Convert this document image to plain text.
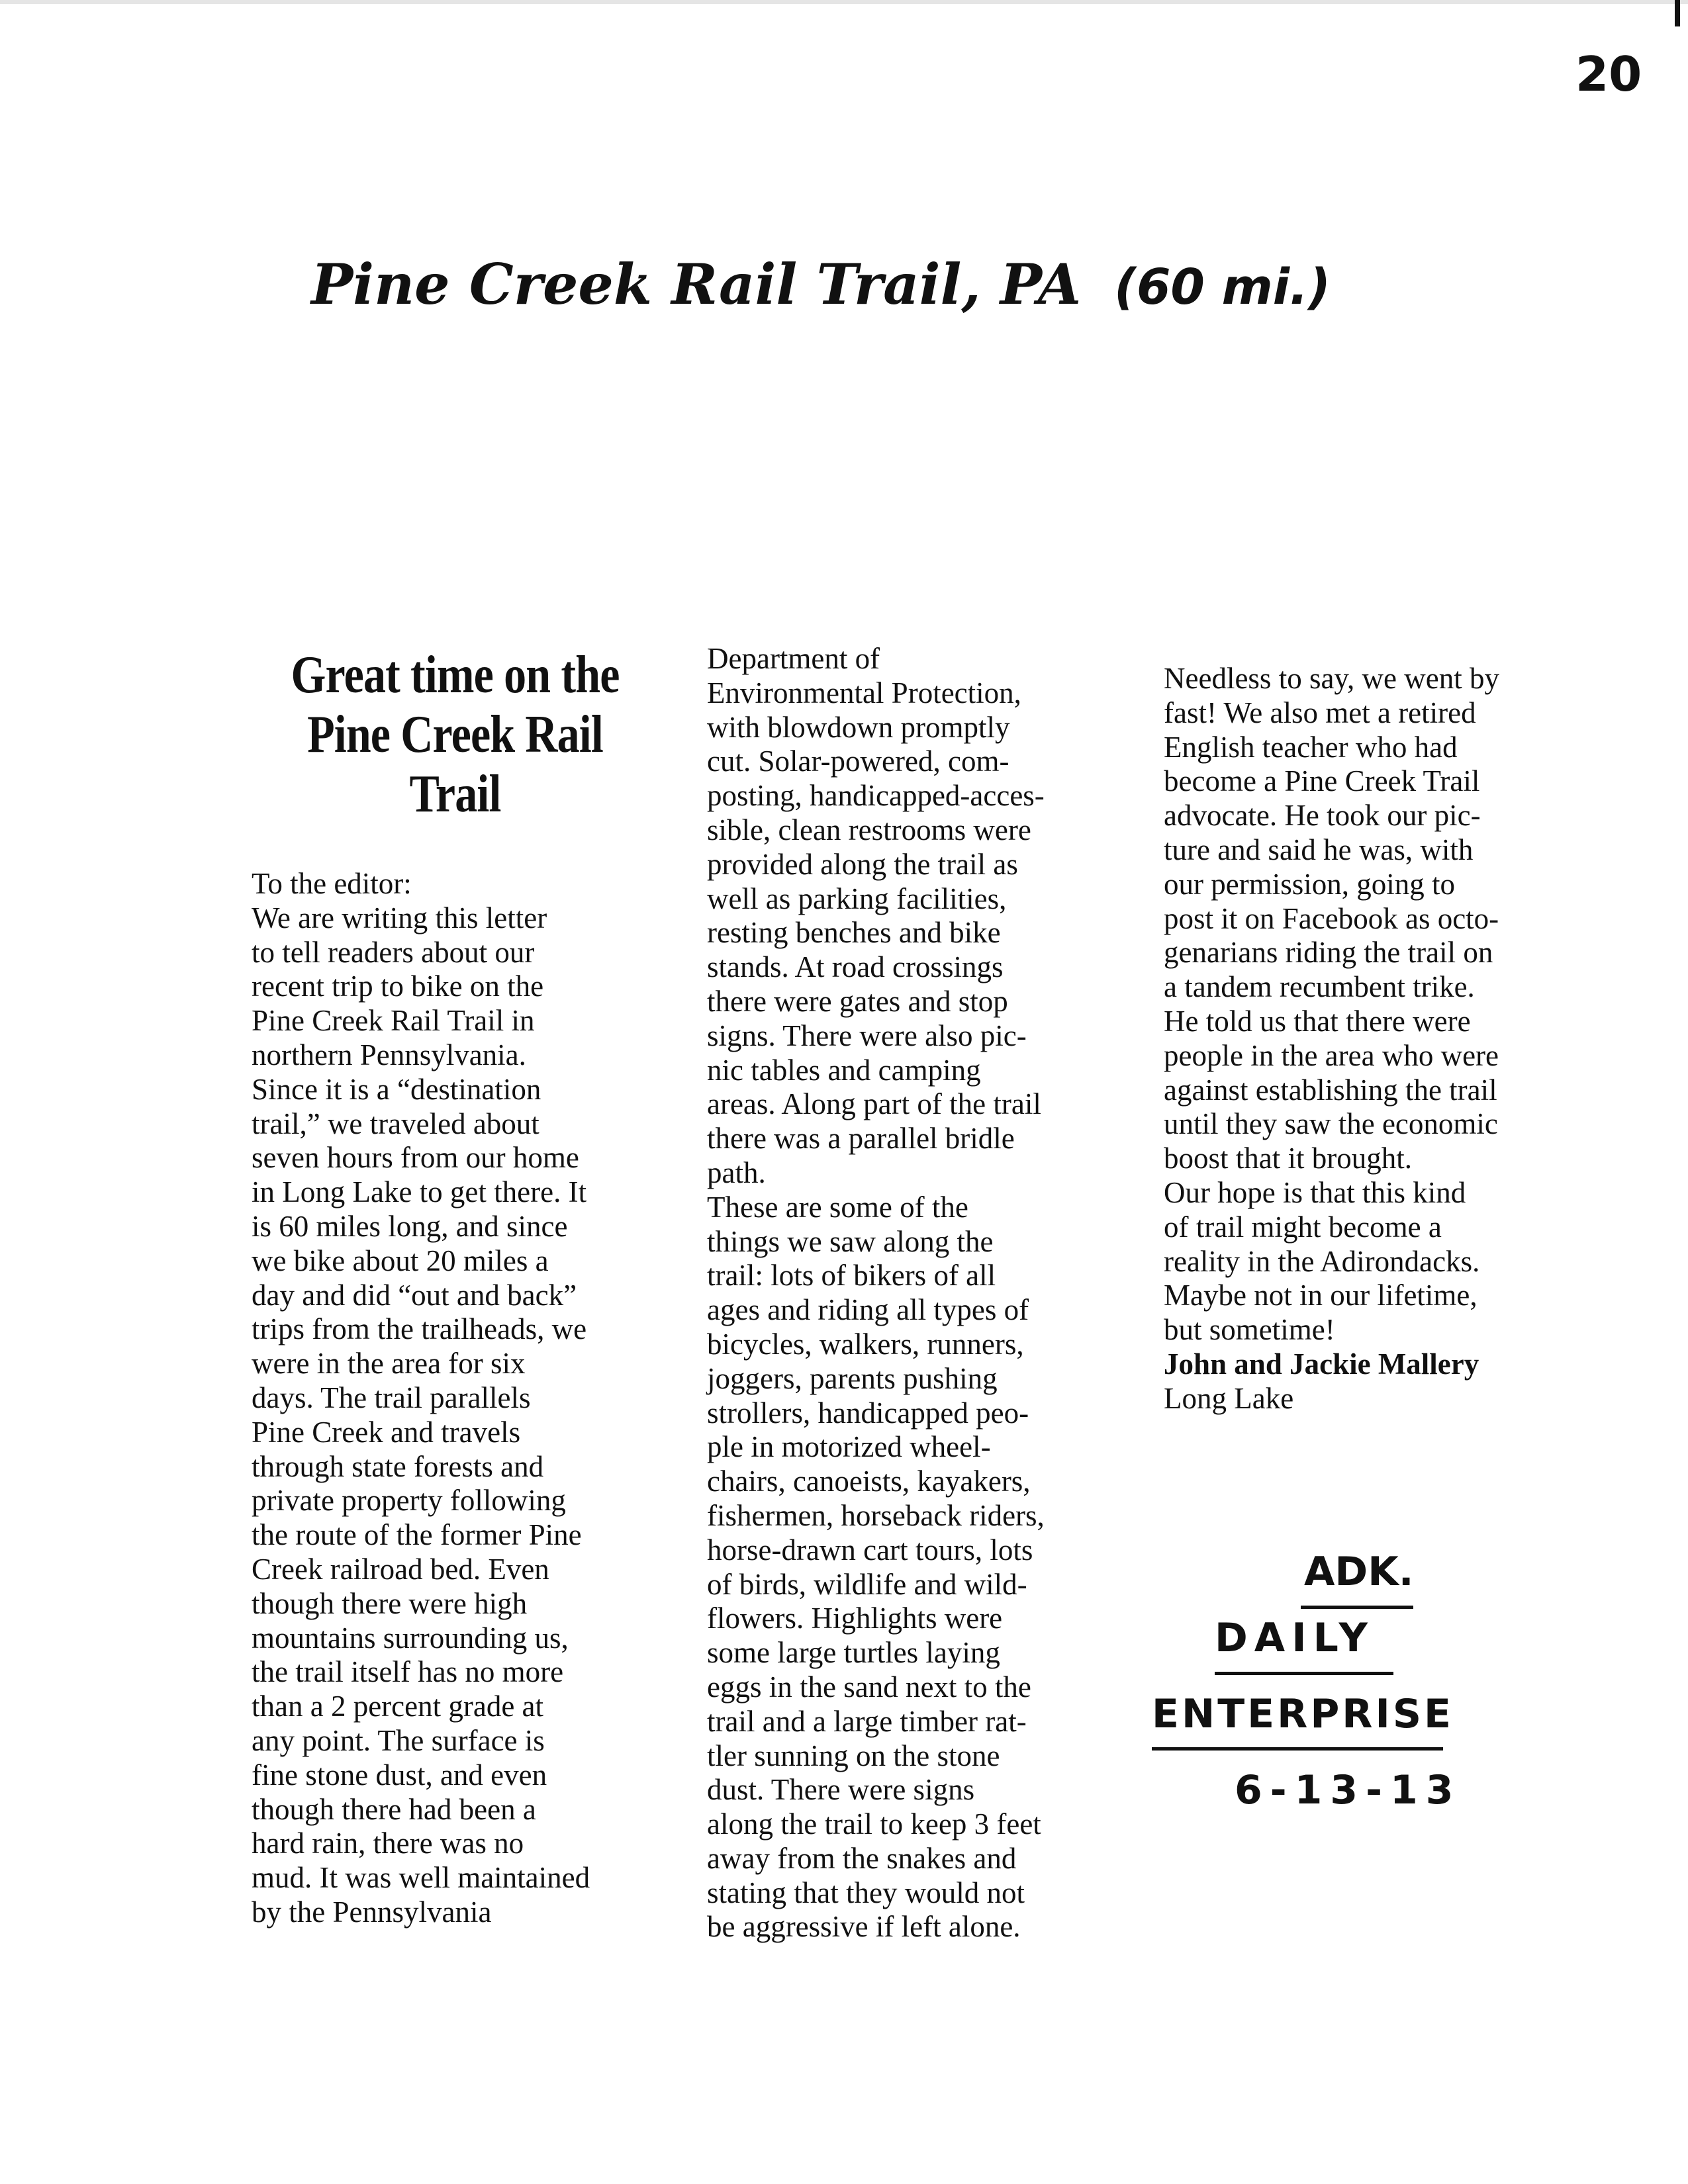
20
Pine Creek Rail Trail, PA (60 mi.)
Great time on the Pine Creek Rail Trail

To the editor:

We are writing this letter
to tell readers about our
recent trip to bike on the
Pine Creek Rail Trail in
northern Pennsylvania.

Since it is a “destination
trail,” we traveled about
seven hours from our home
in Long Lake to get there. It
is 60 miles long, and since
we bike about 20 miles a
day and did “out and back”
trips from the trailheads, we
were in the area for six
days. The trail parallels
Pine Creek and travels
through state forests and
private property following
the route of the former Pine
Creek railroad bed. Even
though there were high
mountains surrounding us,
the trail itself has no more
than a 2 percent grade at
any point. The surface is
fine stone dust, and even
though there had been a
hard rain, there was no
mud. It was well maintained
by the Pennsylvania

Department of
Environmental Protection,
with blowdown promptly
cut. Solar-powered, com-
posting, handicapped-acces-
sible, clean restrooms were
provided along the trail as
well as parking facilities,
resting benches and bike
stands. At road crossings
there were gates and stop
signs. There were also pic-
nic tables and camping
areas. Along part of the trail
there was a parallel bridle
path.

These are some of the
things we saw along the
trail: lots of bikers of all
ages and riding all types of
bicycles, walkers, runners,
joggers, parents pushing
strollers, handicapped peo-
ple in motorized wheel-
chairs, canoeists, kayakers,
fishermen, horseback riders,
horse-drawn cart tours, lots
of birds, wildlife and wild-
flowers. Highlights were
some large turtles laying
eggs in the sand next to the
trail and a large timber rat-
tler sunning on the stone
dust. There were signs
along the trail to keep 3 feet
away from the snakes and
stating that they would not
be aggressive if left alone.

Needless to say, we went by
fast! We also met a retired
English teacher who had
become a Pine Creek Trail
advocate. He took our pic-
ture and said he was, with
our permission, going to
post it on Facebook as octo-
genarians riding the trail on
a tandem recumbent trike.
He told us that there were
people in the area who were
against establishing the trail
until they saw the economic
boost that it brought.

Our hope is that this kind
of trail might become a
reality in the Adirondacks.
Maybe not in our lifetime,
but sometime!

John and Jackie Mallery

Long Lake

ADK.
DAILY
ENTERPRISE
6-13-13
